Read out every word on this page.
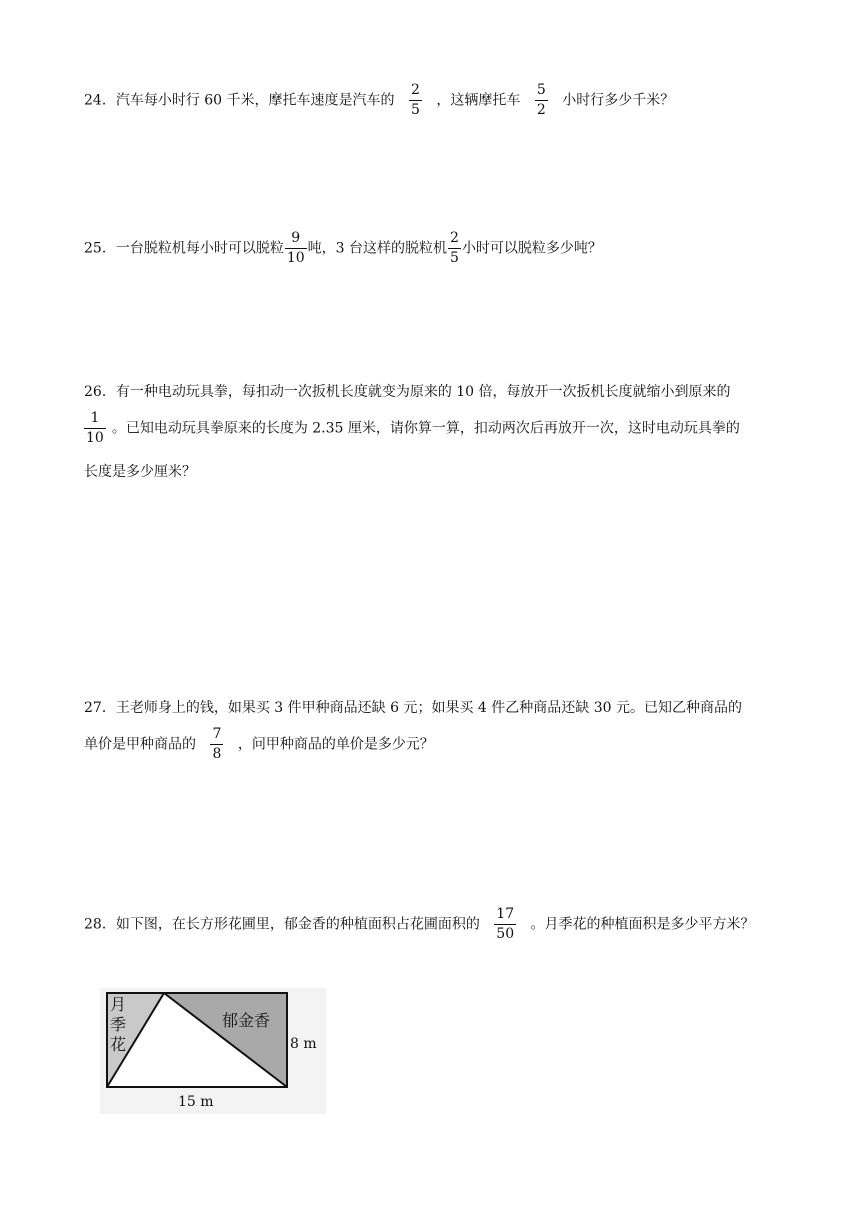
24．汽车每小时行 60 千米，摩托车速度是汽车的 $\frac{2}{5}$ ，这辆摩托车 $\frac{5}{2}$ 小时行多少千米？
25．一台脱粒机每小时可以脱粒 $\frac{9}{10}$ 吨，3 台这样的脱粒机 $\frac{2}{5}$ 小时可以脱粒多少吨？
26．有一种电动玩具拳，每扣动一次扳机长度就变为原来的 10 倍，每放开一次扳机长度就缩小到原来的
$\frac{1}{10}$ 。已知电动玩具拳原来的长度为 2.35 厘米，请你算一算，扣动两次后再放开一次，这时电动玩具拳的
长度是多少厘米？
27．王老师身上的钱，如果买 3 件甲种商品还缺 6 元；如果买 4 件乙种商品还缺 30 元。已知乙种商品的
单价是甲种商品的 $\frac{7}{8}$ ，问甲种商品的单价是多少元？
28．如下图，在长方形花圃里，郁金香的种植面积占花圃面积的 $\frac{17}{50}$ 。月季花的种植面积是多少平方米？
月
季
花
郁金香
8 m
15 m
